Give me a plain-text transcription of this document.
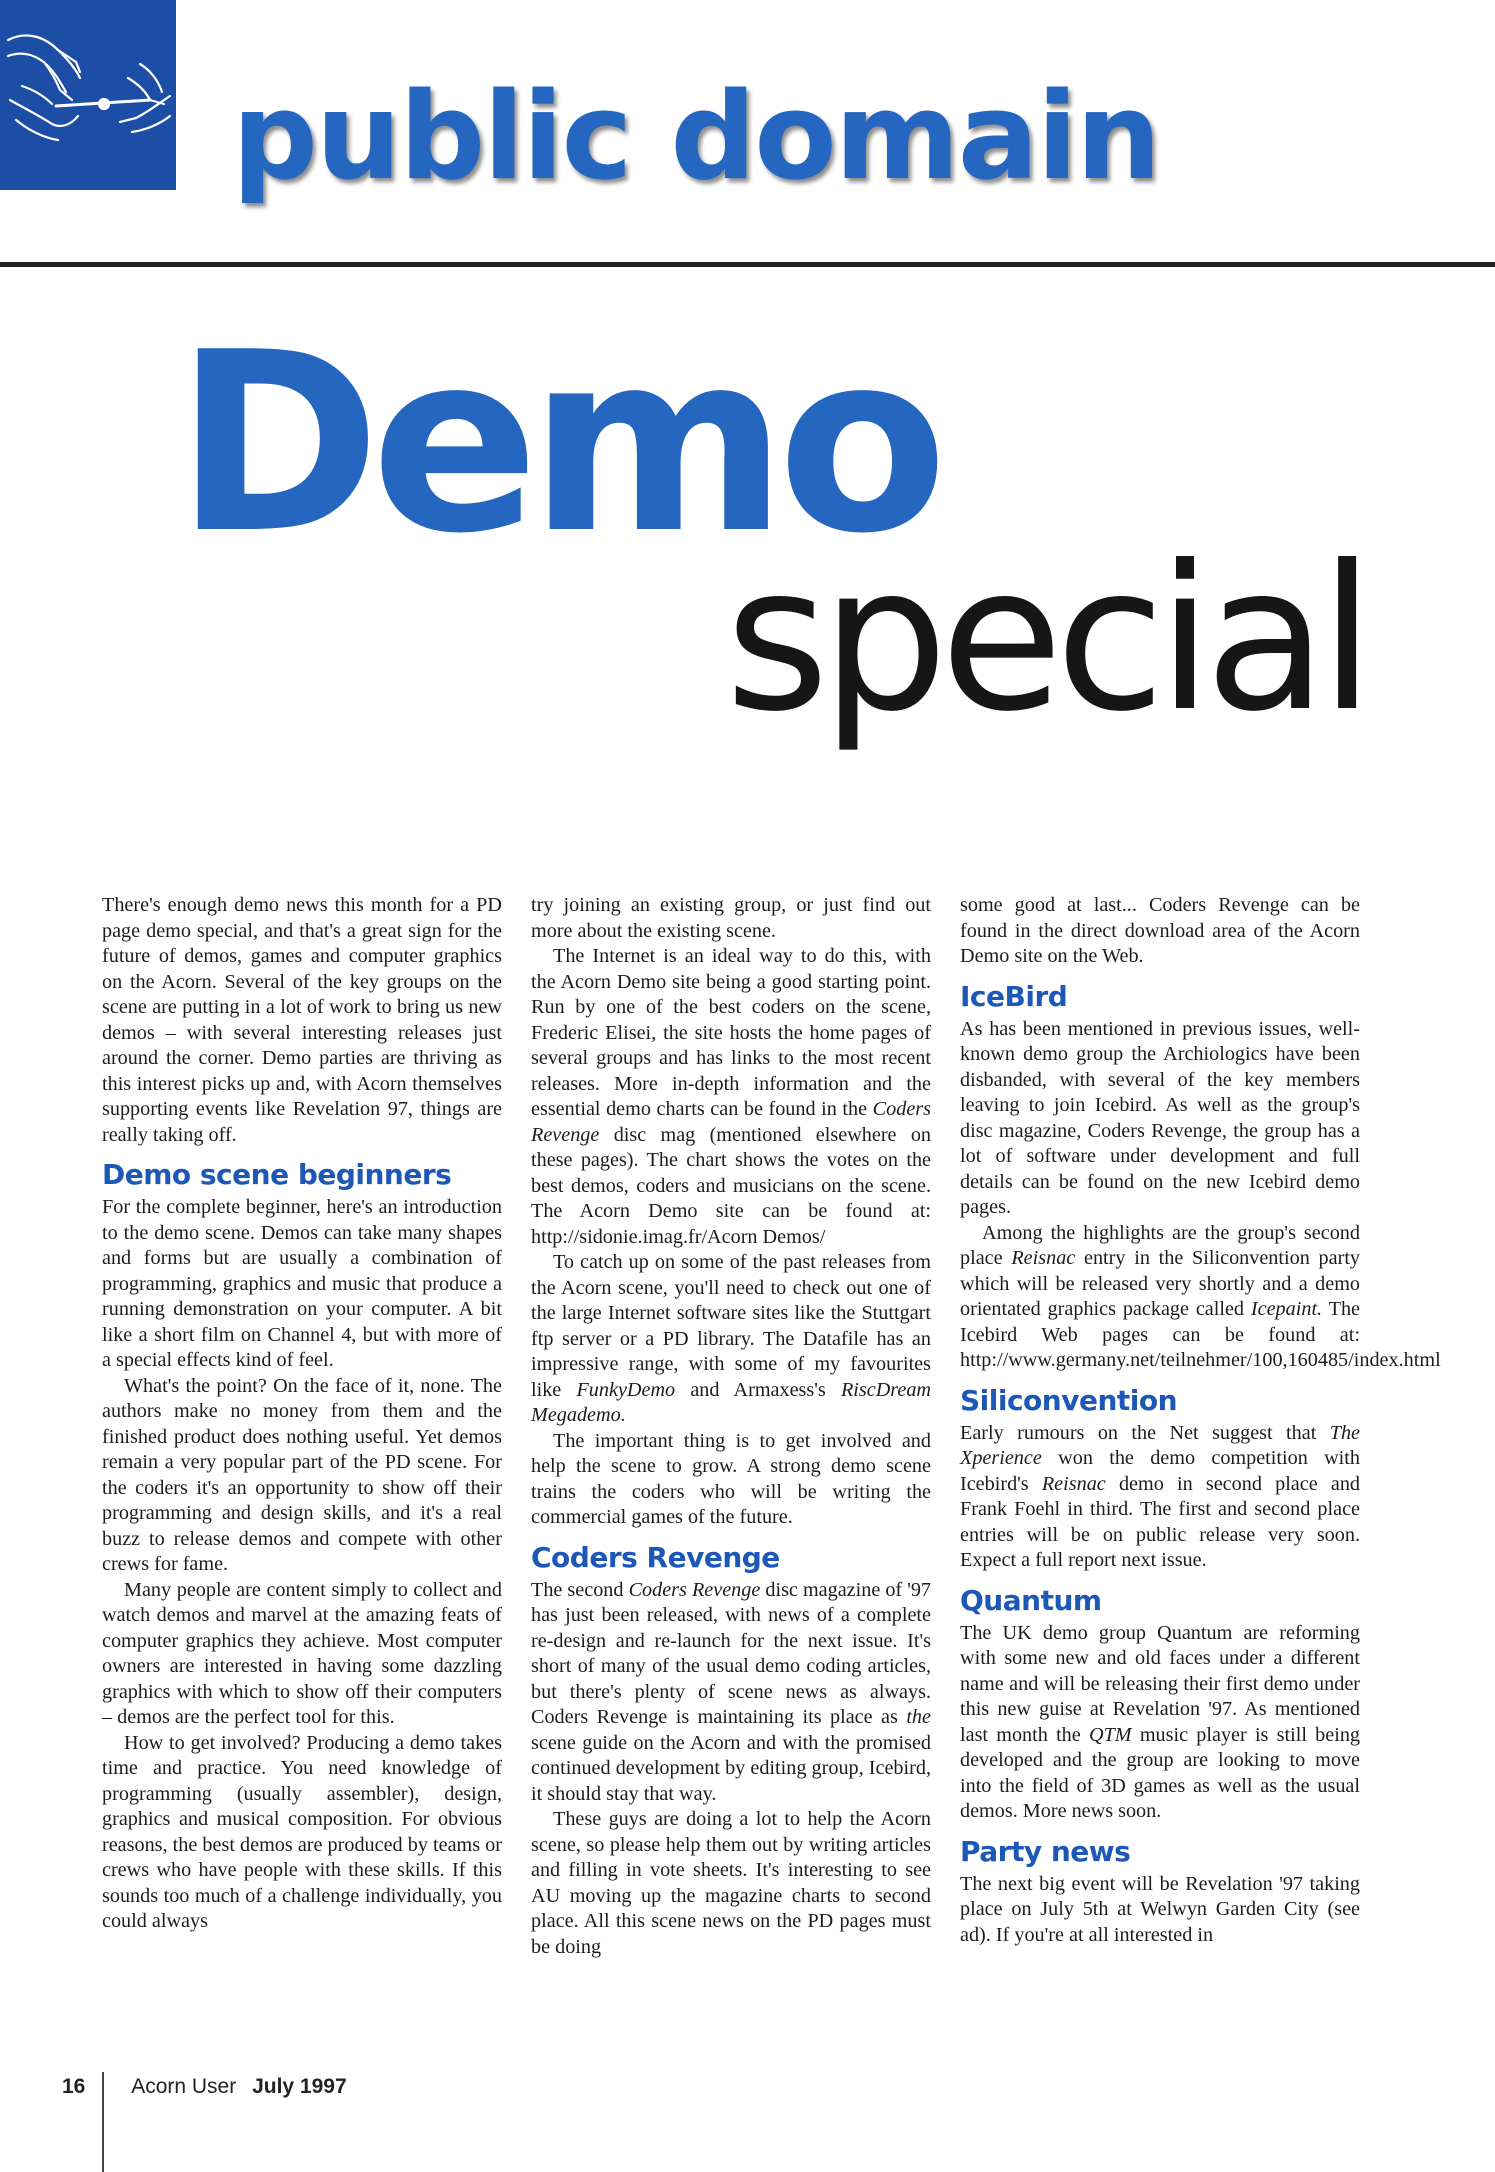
public domain
Demo
special

There's enough demo news this month for a PD page demo special, and that's a great sign for the future of demos, games and computer graphics on the Acorn. Several of the key groups on the scene are putting in a lot of work to bring us new demos – with several interesting releases just around the corner. Demo parties are thriving as this interest picks up and, with Acorn themselves supporting events like Revelation 97, things are really taking off.

Demo scene beginners

For the complete beginner, here's an introduction to the demo scene. Demos can take many shapes and forms but are usually a combination of programming, graphics and music that produce a running demonstration on your computer. A bit like a short film on Channel 4, but with more of a special effects kind of feel.

What's the point? On the face of it, none. The authors make no money from them and the finished product does nothing useful. Yet demos remain a very popular part of the PD scene. For the coders it's an opportunity to show off their programming and design skills, and it's a real buzz to release demos and compete with other crews for fame.

Many people are content simply to collect and watch demos and marvel at the amazing feats of computer graphics they achieve. Most computer owners are interested in having some dazzling graphics with which to show off their computers – demos are the perfect tool for this.

How to get involved? Producing a demo takes time and practice. You need knowledge of programming (usually assembler), design, graphics and musical composition. For obvious reasons, the best demos are produced by teams or crews who have people with these skills. If this sounds too much of a challenge individually, you could always

try joining an existing group, or just find out more about the existing scene.

The Internet is an ideal way to do this, with the Acorn Demo site being a good starting point. Run by one of the best coders on the scene, Frederic Elisei, the site hosts the home pages of several groups and has links to the most recent releases. More in-depth information and the essential demo charts can be found in the Coders Revenge disc mag (mentioned elsewhere on these pages). The chart shows the votes on the best demos, coders and musicians on the scene. The Acorn Demo site can be found at: http://sidonie.imag.fr/Acorn Demos/

To catch up on some of the past releases from the Acorn scene, you'll need to check out one of the large Internet software sites like the Stuttgart ftp server or a PD library. The Datafile has an impressive range, with some of my favourites like FunkyDemo and Armaxess's RiscDream Megademo.

The important thing is to get involved and help the scene to grow. A strong demo scene trains the coders who will be writing the commercial games of the future.

Coders Revenge

The second Coders Revenge disc magazine of '97 has just been released, with news of a complete re-design and re-launch for the next issue. It's short of many of the usual demo coding articles, but there's plenty of scene news as always. Coders Revenge is maintaining its place as the scene guide on the Acorn and with the promised continued development by editing group, Icebird, it should stay that way.

These guys are doing a lot to help the Acorn scene, so please help them out by writing articles and filling in vote sheets. It's interesting to see AU moving up the magazine charts to second place. All this scene news on the PD pages must be doing

some good at last... Coders Revenge can be found in the direct download area of the Acorn Demo site on the Web.

IceBird

As has been mentioned in previous issues, well-known demo group the Archiologics have been disbanded, with several of the key members leaving to join Icebird. As well as the group's disc magazine, Coders Revenge, the group has a lot of software under development and full details can be found on the new Icebird demo pages.

Among the highlights are the group's second place Reisnac entry in the Siliconvention party which will be released very shortly and a demo orientated graphics package called Icepaint. The Icebird Web pages can be found at: http://www.germany.net/teilnehmer/100,160485/index.html

Siliconvention

Early rumours on the Net suggest that The Xperience won the demo competition with Icebird's Reisnac demo in second place and Frank Foehl in third. The first and second place entries will be on public release very soon. Expect a full report next issue.

Quantum

The UK demo group Quantum are reforming with some new and old faces under a different name and will be releasing their first demo under this new guise at Revelation '97. As mentioned last month the QTM music player is still being developed and the group are looking to move into the field of 3D games as well as the usual demos. More news soon.

Party news

The next big event will be Revelation '97 taking place on July 5th at Welwyn Garden City (see ad). If you're at all interested in

16 Acorn User July 1997
